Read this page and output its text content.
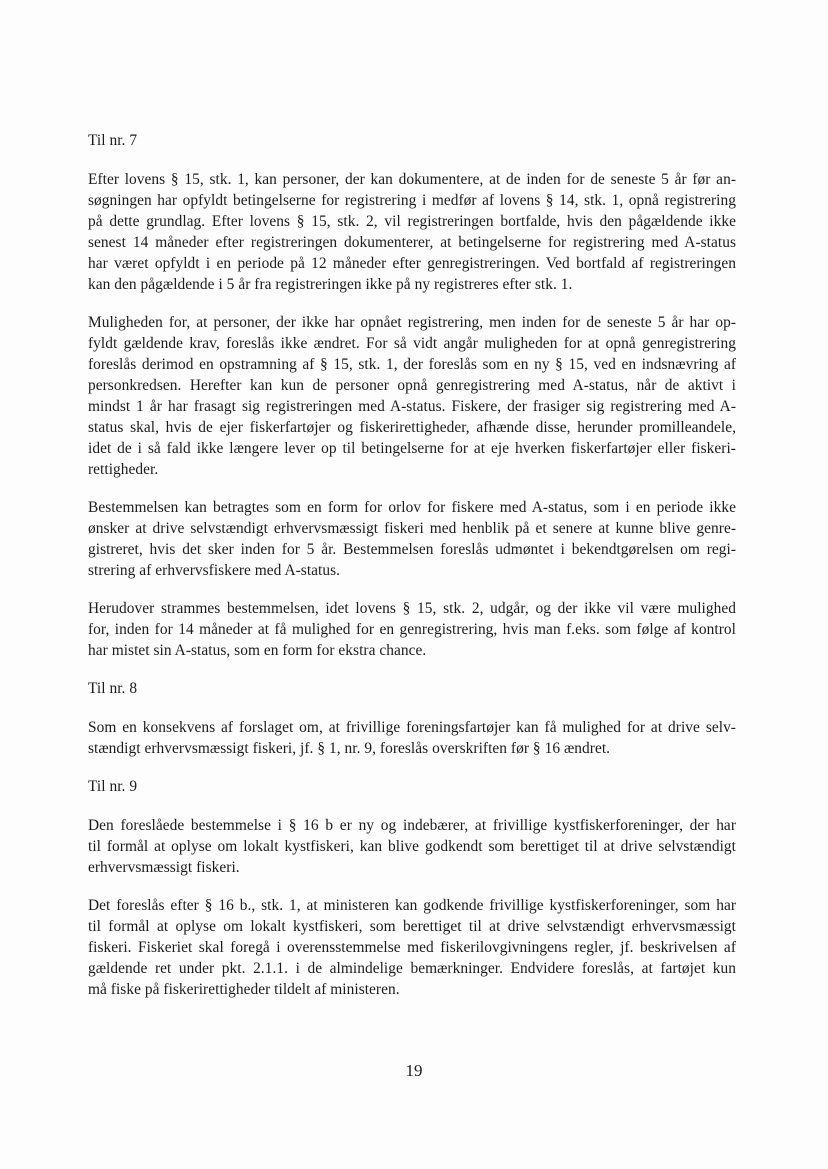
Til nr. 7

Efter lovens § 15, stk. 1, kan personer, der kan dokumentere, at de inden for de seneste 5 år før an-
søgningen har opfyldt betingelserne for registrering i medfør af lovens § 14, stk. 1, opnå registrering
på dette grundlag. Efter lovens § 15, stk. 2, vil registreringen bortfalde, hvis den pågældende ikke
senest 14 måneder efter registreringen dokumenterer, at betingelserne for registrering med A-status
har været opfyldt i en periode på 12 måneder efter genregistreringen. Ved bortfald af registreringen
kan den pågældende i 5 år fra registreringen ikke på ny registreres efter stk. 1.

Muligheden for, at personer, der ikke har opnået registrering, men inden for de seneste 5 år har op-
fyldt gældende krav, foreslås ikke ændret. For så vidt angår muligheden for at opnå genregistrering
foreslås derimod en opstramning af § 15, stk. 1, der foreslås som en ny § 15, ved en indsnævring af
personkredsen. Herefter kan kun de personer opnå genregistrering med A-status, når de aktivt i
mindst 1 år har frasagt sig registreringen med A-status. Fiskere, der frasiger sig registrering med A-
status skal, hvis de ejer fiskerfartøjer og fiskerirettigheder, afhænde disse, herunder promilleandele,
idet de i så fald ikke længere lever op til betingelserne for at eje hverken fiskerfartøjer eller fiskeri-
rettigheder.

Bestemmelsen kan betragtes som en form for orlov for fiskere med A-status, som i en periode ikke
ønsker at drive selvstændigt erhvervsmæssigt fiskeri med henblik på et senere at kunne blive genre-
gistreret, hvis det sker inden for 5 år. Bestemmelsen foreslås udmøntet i bekendtgørelsen om regi-
strering af erhvervsfiskere med A-status.

Herudover strammes bestemmelsen, idet lovens § 15, stk. 2, udgår, og der ikke vil være mulighed
for, inden for 14 måneder at få mulighed for en genregistrering, hvis man f.eks. som følge af kontrol
har mistet sin A-status, som en form for ekstra chance.

Til nr. 8

Som en konsekvens af forslaget om, at frivillige foreningsfartøjer kan få mulighed for at drive selv-
stændigt erhvervsmæssigt fiskeri, jf. § 1, nr. 9, foreslås overskriften før § 16 ændret.

Til nr. 9

Den foreslåede bestemmelse i § 16 b er ny og indebærer, at frivillige kystfiskerforeninger, der har
til formål at oplyse om lokalt kystfiskeri, kan blive godkendt som berettiget til at drive selvstændigt
erhvervsmæssigt fiskeri.

Det foreslås efter § 16 b., stk. 1, at ministeren kan godkende frivillige kystfiskerforeninger, som har
til formål at oplyse om lokalt kystfiskeri, som berettiget til at drive selvstændigt erhvervsmæssigt
fiskeri. Fiskeriet skal foregå i overensstemmelse med fiskerilovgivningens regler, jf. beskrivelsen af
gældende ret under pkt. 2.1.1. i de almindelige bemærkninger. Endvidere foreslås, at fartøjet kun
må fiske på fiskerirettigheder tildelt af ministeren.

19
